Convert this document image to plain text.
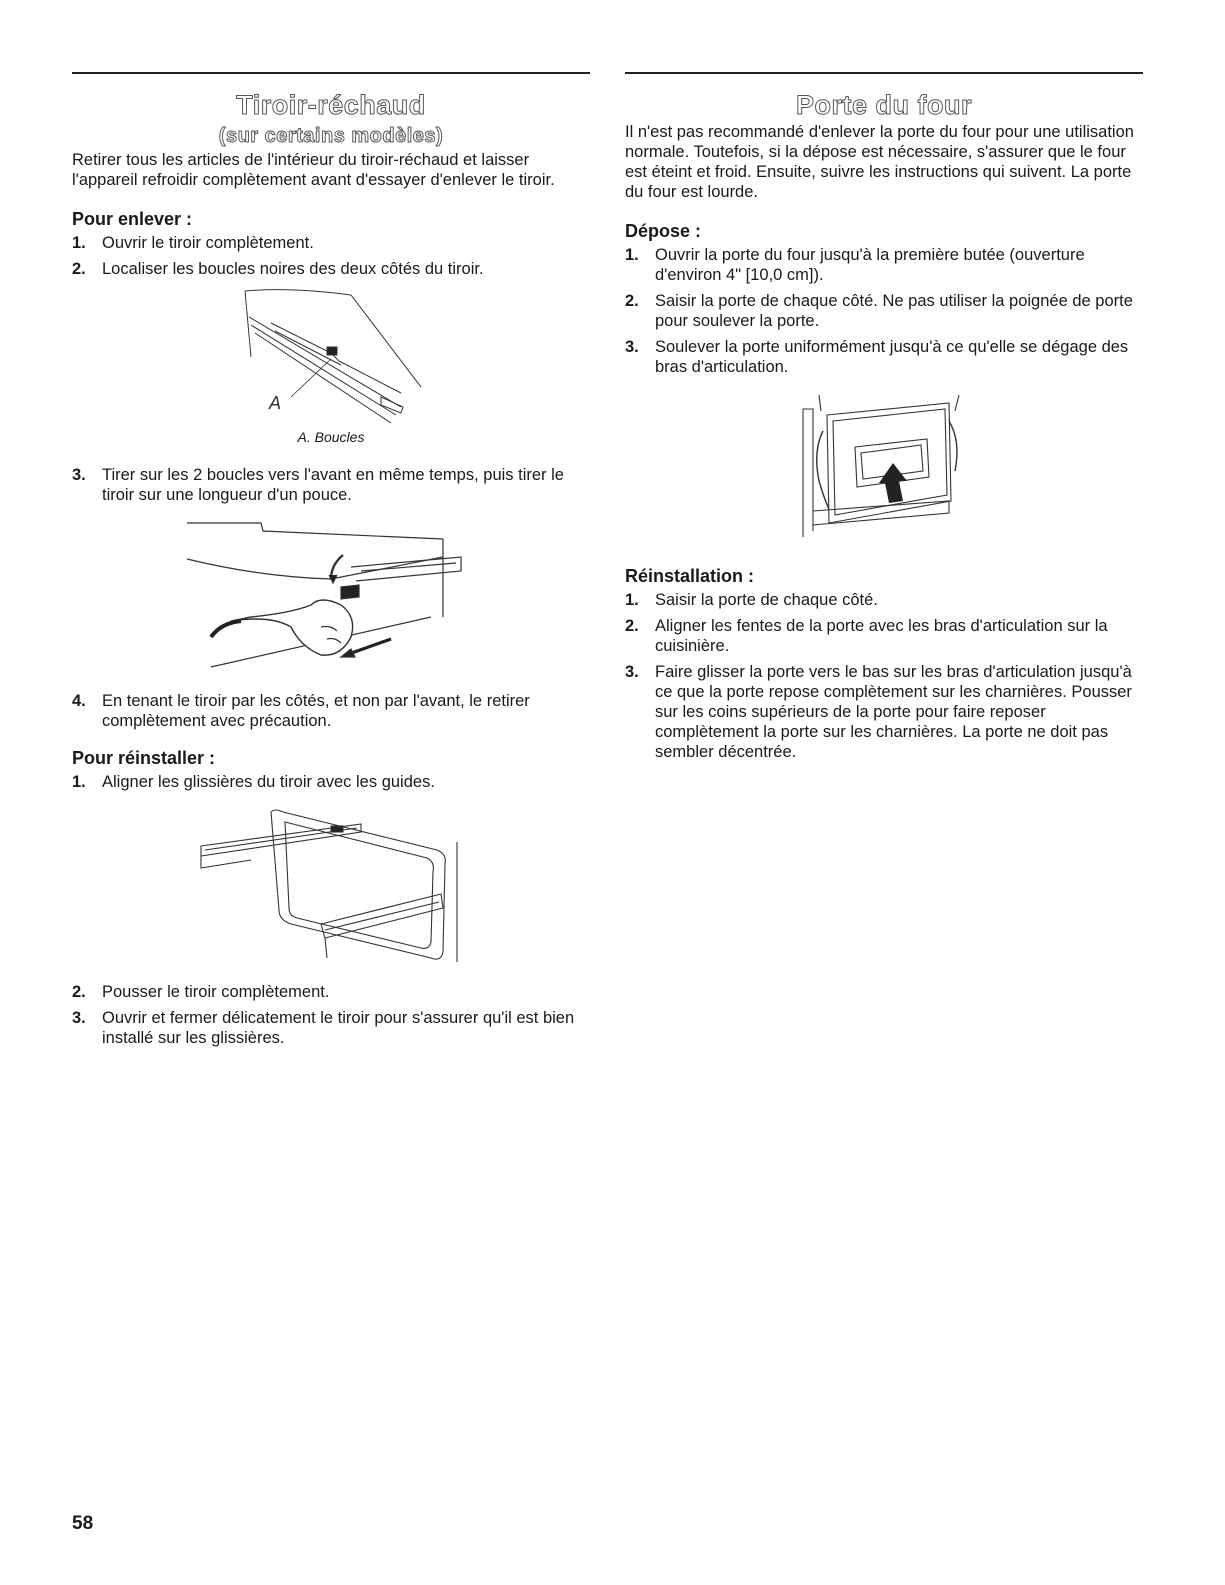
Tiroir-réchaud
(sur certains modèles)

Retirer tous les articles de l'intérieur du tiroir-réchaud et laisser l'appareil refroidir complètement avant d'essayer d'enlever le tiroir.

Pour enlever :
1. Ouvrir le tiroir complètement.
2. Localiser les boucles noires des deux côtés du tiroir.
A
A. Boucles
3. Tirer sur les 2 boucles vers l'avant en même temps, puis tirer le tiroir sur une longueur d'un pouce.
4. En tenant le tiroir par les côtés, et non par l'avant, le retirer complètement avec précaution.
Pour réinstaller :
1. Aligner les glissières du tiroir avec les guides.
2. Pousser le tiroir complètement.
3. Ouvrir et fermer délicatement le tiroir pour s'assurer qu'il est bien installé sur les glissières.
Porte du four

Il n'est pas recommandé d'enlever la porte du four pour une utilisation normale. Toutefois, si la dépose est nécessaire, s'assurer que le four est éteint et froid. Ensuite, suivre les instructions qui suivent. La porte du four est lourde.

Dépose :
1. Ouvrir la porte du four jusqu'à la première butée (ouverture d'environ 4" [10,0 cm]).
2. Saisir la porte de chaque côté. Ne pas utiliser la poignée de porte pour soulever la porte.
3. Soulever la porte uniformément jusqu'à ce qu'elle se dégage des bras d'articulation.
Réinstallation :
1. Saisir la porte de chaque côté.
2. Aligner les fentes de la porte avec les bras d'articulation sur la cuisinière.
3. Faire glisser la porte vers le bas sur les bras d'articulation jusqu'à ce que la porte repose complètement sur les charnières. Pousser sur les coins supérieurs de la porte pour faire reposer complètement la porte sur les charnières. La porte ne doit pas sembler décentrée.
58
